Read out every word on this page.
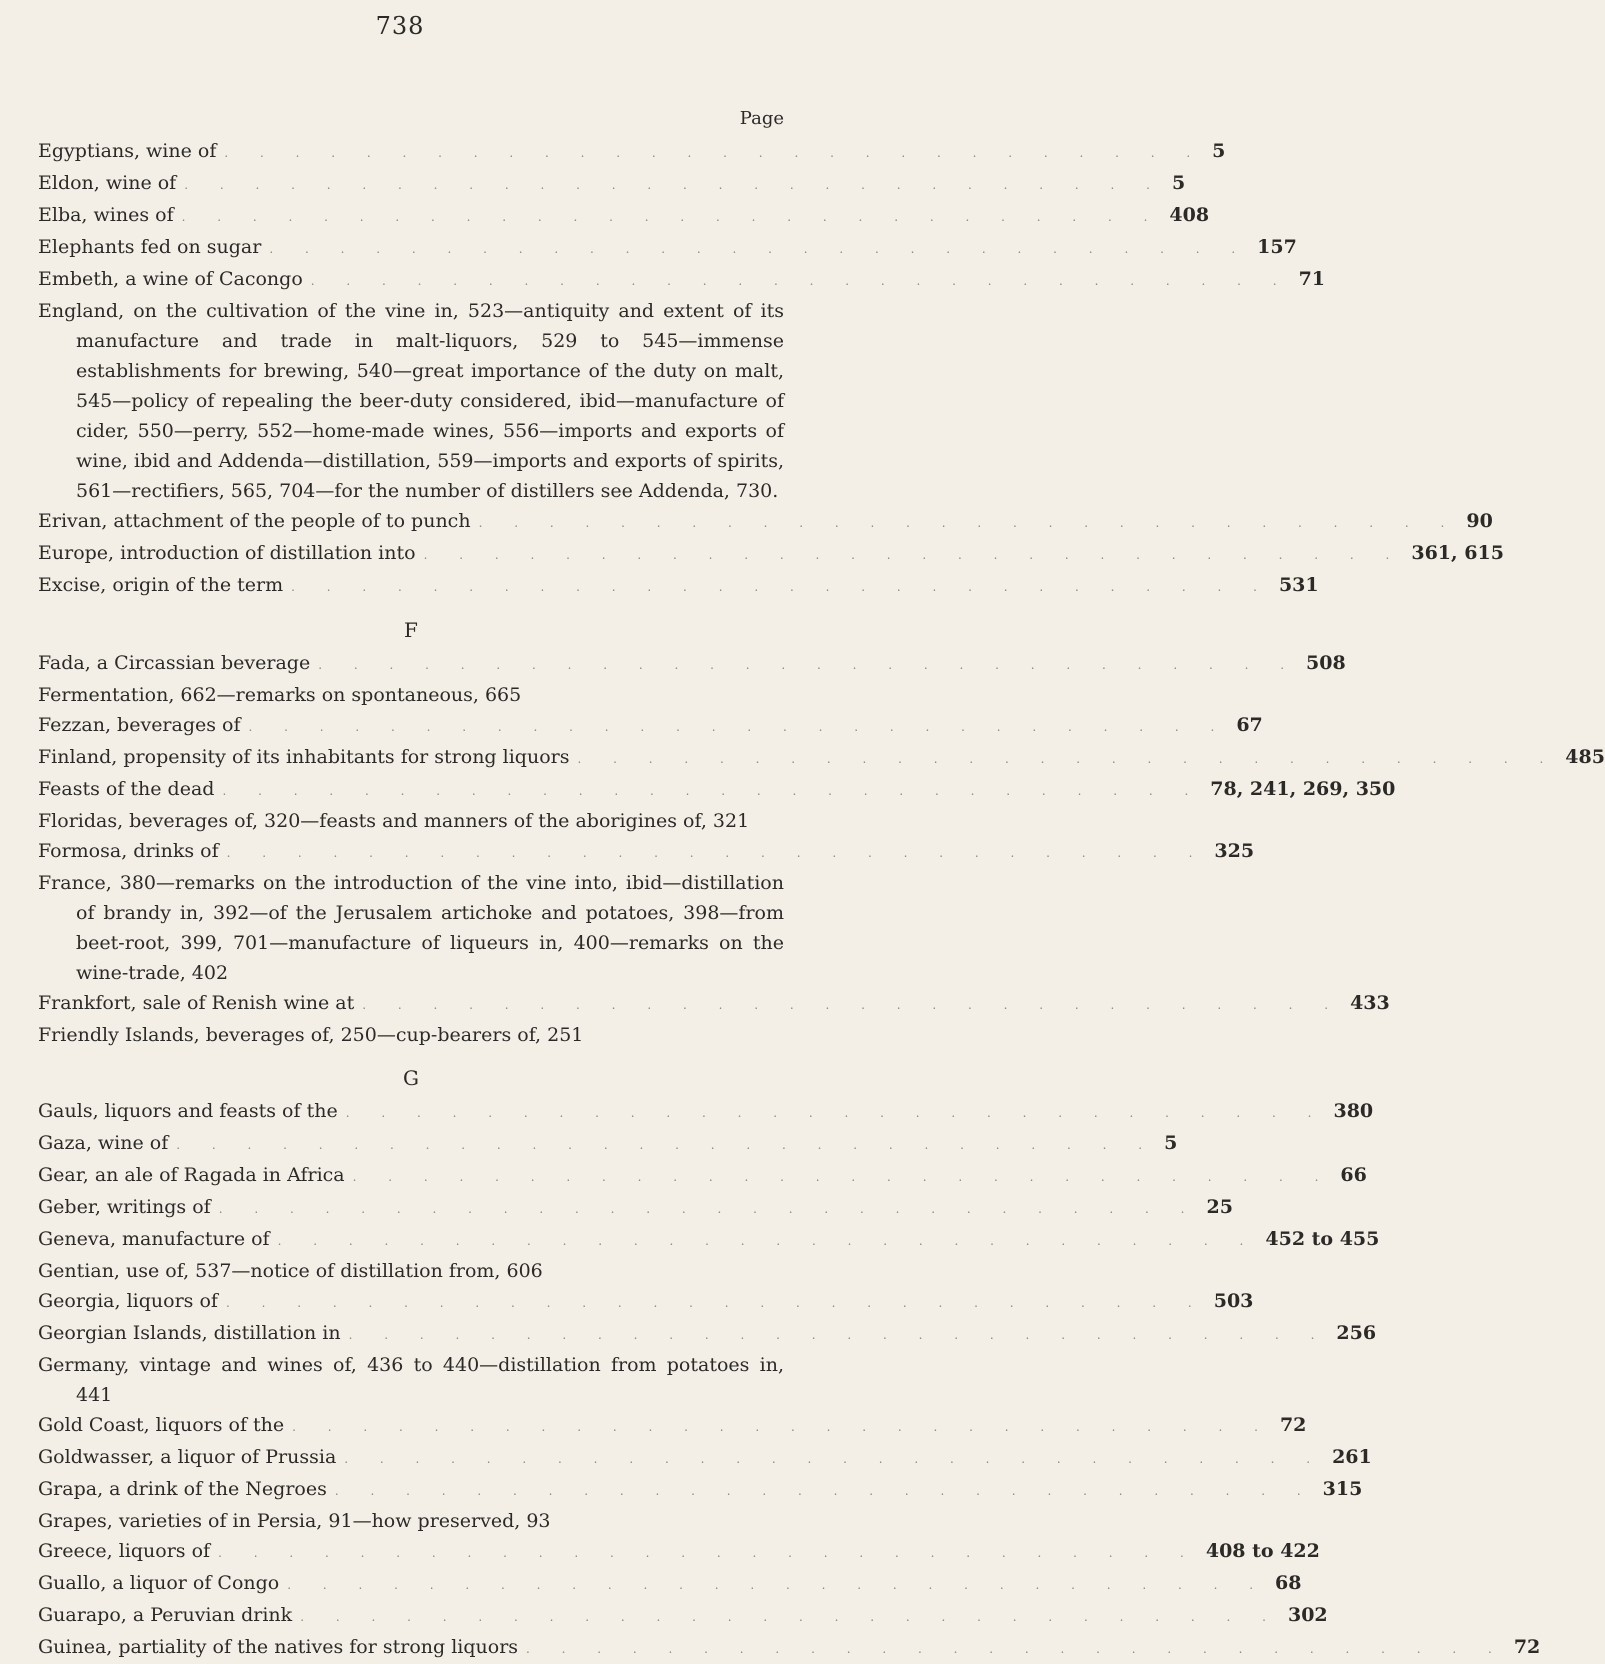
738
Page
Egyptians, wine of . . . . . . . . . . . . . . . . . . . . . . . . . . . . 5
Eldon, wine of . . . . . . . . . . . . . . . . . . . . . . . . . . . . 5
Elba, wines of . . . . . . . . . . . . . . . . . . . . . . . . . . . . 408
Elephants fed on sugar . . . . . . . . . . . . . . . . . . . . . . . . . . . . 157
Embeth, a wine of Cacongo . . . . . . . . . . . . . . . . . . . . . . . . . . . . 71
England, on the cultivation of the vine in, 523—antiquity and extent of its manufacture and trade in malt-liquors, 529 to 545—immense establishments for brewing, 540—great importance of the duty on malt, 545—policy of repealing the beer-duty considered, ibid—manufacture of cider, 550—perry, 552—home-made wines, 556—imports and exports of wine, ibid and Addenda—distillation, 559—imports and exports of spirits, 561—rectifiers, 565, 704—for the number of distillers see Addenda, 730.
Erivan, attachment of the people of to punch . . . . . . . . . . . . . . . . . . . . . . . . . . . . 90
Europe, introduction of distillation into . . . . . . . . . . . . . . . . . . . . . . . . . . . . 361, 615
Excise, origin of the term . . . . . . . . . . . . . . . . . . . . . . . . . . . . 531
F
Fada, a Circassian beverage . . . . . . . . . . . . . . . . . . . . . . . . . . . . 508
Fermentation, 662—remarks on spontaneous, 665
Fezzan, beverages of . . . . . . . . . . . . . . . . . . . . . . . . . . . . 67
Finland, propensity of its inhabitants for strong liquors . . . . . . . . . . . . . . . . . . . . . . . . . . . . 485
Feasts of the dead . . . . . . . . . . . . . . . . . . . . . . . . . . . . 78, 241, 269, 350
Floridas, beverages of, 320—feasts and manners of the aborigines of, 321
Formosa, drinks of . . . . . . . . . . . . . . . . . . . . . . . . . . . . 325
France, 380—remarks on the introduction of the vine into, ibid—distillation of brandy in, 392—of the Jerusalem artichoke and potatoes, 398—from beet-root, 399, 701—manufacture of liqueurs in, 400—remarks on the wine-trade, 402
Frankfort, sale of Renish wine at . . . . . . . . . . . . . . . . . . . . . . . . . . . . 433
Friendly Islands, beverages of, 250—cup-bearers of, 251
G
Gauls, liquors and feasts of the . . . . . . . . . . . . . . . . . . . . . . . . . . . . 380
Gaza, wine of . . . . . . . . . . . . . . . . . . . . . . . . . . . . 5
Gear, an ale of Ragada in Africa . . . . . . . . . . . . . . . . . . . . . . . . . . . . 66
Geber, writings of . . . . . . . . . . . . . . . . . . . . . . . . . . . . 25
Geneva, manufacture of . . . . . . . . . . . . . . . . . . . . . . . . . . . . 452 to 455
Gentian, use of, 537—notice of distillation from, 606
Georgia, liquors of . . . . . . . . . . . . . . . . . . . . . . . . . . . . 503
Georgian Islands, distillation in . . . . . . . . . . . . . . . . . . . . . . . . . . . . 256
Germany, vintage and wines of, 436 to 440—distillation from potatoes in, 441
Gold Coast, liquors of the . . . . . . . . . . . . . . . . . . . . . . . . . . . . 72
Goldwasser, a liquor of Prussia . . . . . . . . . . . . . . . . . . . . . . . . . . . . 261
Grapa, a drink of the Negroes . . . . . . . . . . . . . . . . . . . . . . . . . . . . 315
Grapes, varieties of in Persia, 91—how preserved, 93
Greece, liquors of . . . . . . . . . . . . . . . . . . . . . . . . . . . . 408 to 422
Guallo, a liquor of Congo . . . . . . . . . . . . . . . . . . . . . . . . . . . . 68
Guarapo, a Peruvian drink . . . . . . . . . . . . . . . . . . . . . . . . . . . . 302
Guinea, partiality of the natives for strong liquors . . . . . . . . . . . . . . . . . . . . . . . . . . . . 72
